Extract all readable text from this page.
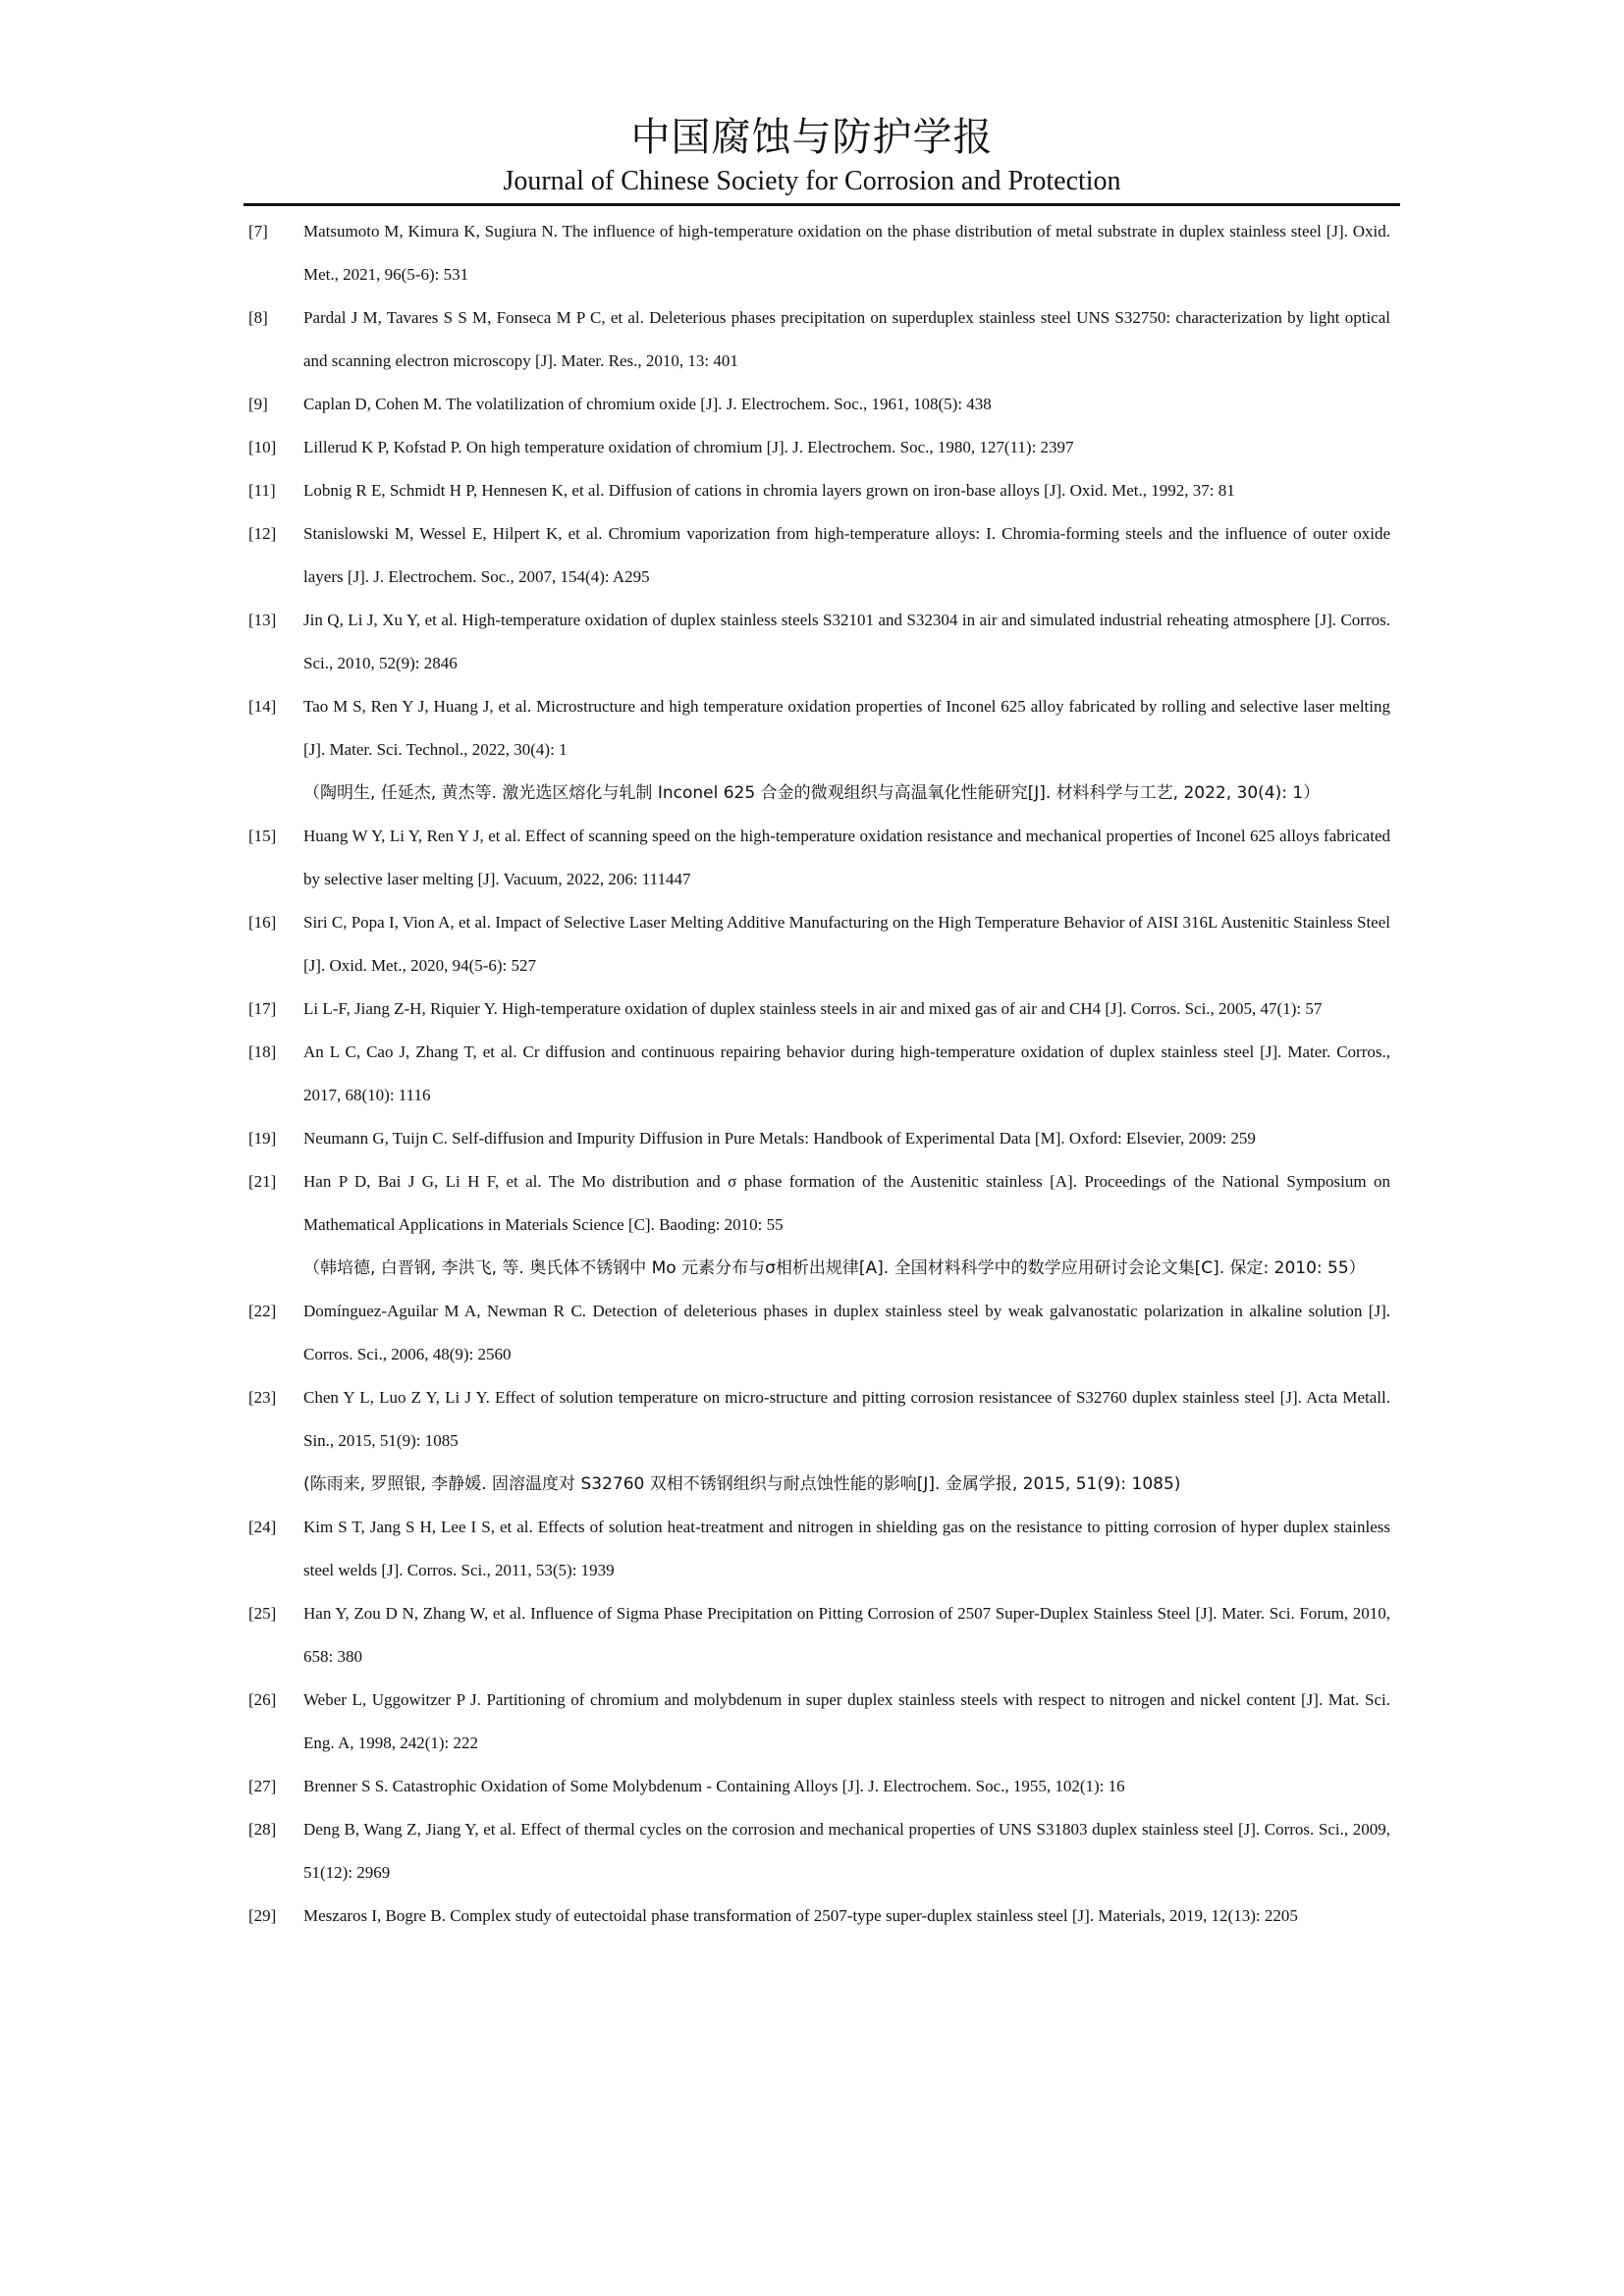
中国腐蚀与防护学报
Journal of Chinese Society for Corrosion and Protection
[7]	Matsumoto M, Kimura K, Sugiura N. The influence of high-temperature oxidation on the phase distribution of metal substrate in duplex stainless steel [J]. Oxid. Met., 2021, 96(5-6): 531
[8]	Pardal J M, Tavares S S M, Fonseca M P C, et al. Deleterious phases precipitation on superduplex stainless steel UNS S32750: characterization by light optical and scanning electron microscopy [J]. Mater. Res., 2010, 13: 401
[9]	Caplan D, Cohen M. The volatilization of chromium oxide [J]. J. Electrochem. Soc., 1961, 108(5): 438
[10]	Lillerud K P, Kofstad P. On high temperature oxidation of chromium [J]. J. Electrochem. Soc., 1980, 127(11): 2397
[11]	Lobnig R E, Schmidt H P, Hennesen K, et al. Diffusion of cations in chromia layers grown on iron-base alloys [J]. Oxid. Met., 1992, 37: 81
[12]	Stanislowski M, Wessel E, Hilpert K, et al. Chromium vaporization from high-temperature alloys: I. Chromia-forming steels and the influence of outer oxide layers [J]. J. Electrochem. Soc., 2007, 154(4): A295
[13]	Jin Q, Li J, Xu Y, et al. High-temperature oxidation of duplex stainless steels S32101 and S32304 in air and simulated industrial reheating atmosphere [J]. Corros. Sci., 2010, 52(9): 2846
[14]	Tao M S, Ren Y J, Huang J, et al. Microstructure and high temperature oxidation properties of Inconel 625 alloy fabricated by rolling and selective laser melting [J]. Mater. Sci. Technol., 2022, 30(4): 1
（陶明生, 任延杰, 黄杰等. 激光选区熔化与轧制 Inconel 625 合金的微观组织与高温氧化性能研究[J]. 材料科学与工艺, 2022, 30(4): 1）
[15]	Huang W Y, Li Y, Ren Y J, et al. Effect of scanning speed on the high-temperature oxidation resistance and mechanical properties of Inconel 625 alloys fabricated by selective laser melting [J]. Vacuum, 2022, 206: 111447
[16]	Siri C, Popa I, Vion A, et al. Impact of Selective Laser Melting Additive Manufacturing on the High Temperature Behavior of AISI 316L Austenitic Stainless Steel [J]. Oxid. Met., 2020, 94(5-6): 527
[17]	Li L-F, Jiang Z-H, Riquier Y. High-temperature oxidation of duplex stainless steels in air and mixed gas of air and CH4 [J]. Corros. Sci., 2005, 47(1): 57
[18]	An L C, Cao J, Zhang T, et al. Cr diffusion and continuous repairing behavior during high-temperature oxidation of duplex stainless steel [J]. Mater. Corros., 2017, 68(10): 1116
[19]	Neumann G, Tuijn C. Self-diffusion and Impurity Diffusion in Pure Metals: Handbook of Experimental Data [M]. Oxford: Elsevier, 2009: 259
[21]	Han P D, Bai J G, Li H F, et al. The Mo distribution and σ phase formation of the Austenitic stainless [A]. Proceedings of the National Symposium on Mathematical Applications in Materials Science [C]. Baoding: 2010: 55
（韩培德, 白晋钢, 李洪飞, 等. 奥氏体不锈钢中 Mo 元素分布与σ相析出规律[A]. 全国材料科学中的数学应用研讨会论文集[C]. 保定: 2010: 55）
[22]	Domínguez-Aguilar M A, Newman R C. Detection of deleterious phases in duplex stainless steel by weak galvanostatic polarization in alkaline solution [J]. Corros. Sci., 2006, 48(9): 2560
[23]	Chen Y L, Luo Z Y, Li J Y. Effect of solution temperature on micro-structure and pitting corrosion resistancee of S32760 duplex stainless steel [J]. Acta Metall. Sin., 2015, 51(9): 1085
(陈雨来, 罗照银, 李静媛. 固溶温度对 S32760 双相不锈钢组织与耐点蚀性能的影响[J]. 金属学报, 2015, 51(9): 1085)
[24]	Kim S T, Jang S H, Lee I S, et al. Effects of solution heat-treatment and nitrogen in shielding gas on the resistance to pitting corrosion of hyper duplex stainless steel welds [J]. Corros. Sci., 2011, 53(5): 1939
[25]	Han Y, Zou D N, Zhang W, et al. Influence of Sigma Phase Precipitation on Pitting Corrosion of 2507 Super-Duplex Stainless Steel [J]. Mater. Sci. Forum, 2010, 658: 380
[26]	Weber L, Uggowitzer P J. Partitioning of chromium and molybdenum in super duplex stainless steels with respect to nitrogen and nickel content [J]. Mat. Sci. Eng. A, 1998, 242(1): 222
[27]	Brenner S S. Catastrophic Oxidation of Some Molybdenum - Containing Alloys [J]. J. Electrochem. Soc., 1955, 102(1): 16
[28]	Deng B, Wang Z, Jiang Y, et al. Effect of thermal cycles on the corrosion and mechanical properties of UNS S31803 duplex stainless steel [J]. Corros. Sci., 2009, 51(12): 2969
[29]	Meszaros I, Bogre B. Complex study of eutectoidal phase transformation of 2507-type super-duplex stainless steel [J]. Materials, 2019, 12(13): 2205
